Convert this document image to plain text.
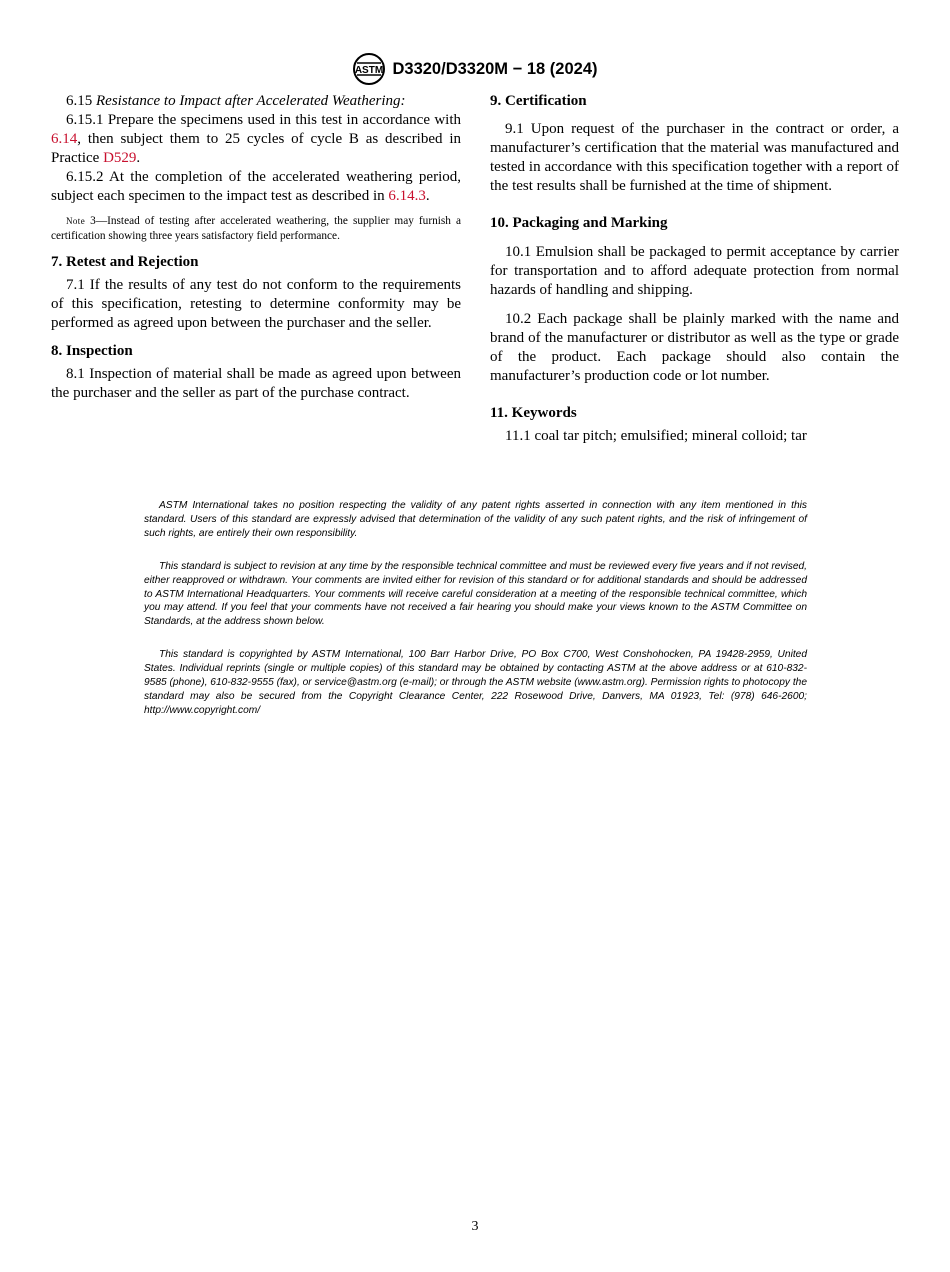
ASTM D3320/D3320M − 18 (2024)

6.15 Resistance to Impact after Accelerated Weathering:

6.15.1 Prepare the specimens used in this test in accordance with 6.14, then subject them to 25 cycles of cycle B as described in Practice D529.

6.15.2 At the completion of the accelerated weathering period, subject each specimen to the impact test as described in 6.14.3.

Note 3—Instead of testing after accelerated weathering, the supplier may furnish a certification showing three years satisfactory field performance.

7. Retest and Rejection

7.1 If the results of any test do not conform to the requirements of this specification, retesting to determine conformity may be performed as agreed upon between the purchaser and the seller.

8. Inspection

8.1 Inspection of material shall be made as agreed upon between the purchaser and the seller as part of the purchase contract.

9. Certification

9.1 Upon request of the purchaser in the contract or order, a manufacturer’s certification that the material was manufactured and tested in accordance with this specification together with a report of the test results shall be furnished at the time of shipment.

10. Packaging and Marking

10.1 Emulsion shall be packaged to permit acceptance by carrier for transportation and to afford adequate protection from normal hazards of handling and shipping.

10.2 Each package shall be plainly marked with the name and brand of the manufacturer or distributor as well as the type or grade of the product. Each package should also contain the manufacturer’s production code or lot number.

11. Keywords

11.1 coal tar pitch; emulsified; mineral colloid; tar

ASTM International takes no position respecting the validity of any patent rights asserted in connection with any item mentioned in this standard. Users of this standard are expressly advised that determination of the validity of any such patent rights, and the risk of infringement of such rights, are entirely their own responsibility.

This standard is subject to revision at any time by the responsible technical committee and must be reviewed every five years and if not revised, either reapproved or withdrawn. Your comments are invited either for revision of this standard or for additional standards and should be addressed to ASTM International Headquarters. Your comments will receive careful consideration at a meeting of the responsible technical committee, which you may attend. If you feel that your comments have not received a fair hearing you should make your views known to the ASTM Committee on Standards, at the address shown below.

This standard is copyrighted by ASTM International, 100 Barr Harbor Drive, PO Box C700, West Conshohocken, PA 19428-2959, United States. Individual reprints (single or multiple copies) of this standard may be obtained by contacting ASTM at the above address or at 610-832-9585 (phone), 610-832-9555 (fax), or service@astm.org (e-mail); or through the ASTM website (www.astm.org). Permission rights to photocopy the standard may also be secured from the Copyright Clearance Center, 222 Rosewood Drive, Danvers, MA 01923, Tel: (978) 646-2600; http://www.copyright.com/

3
